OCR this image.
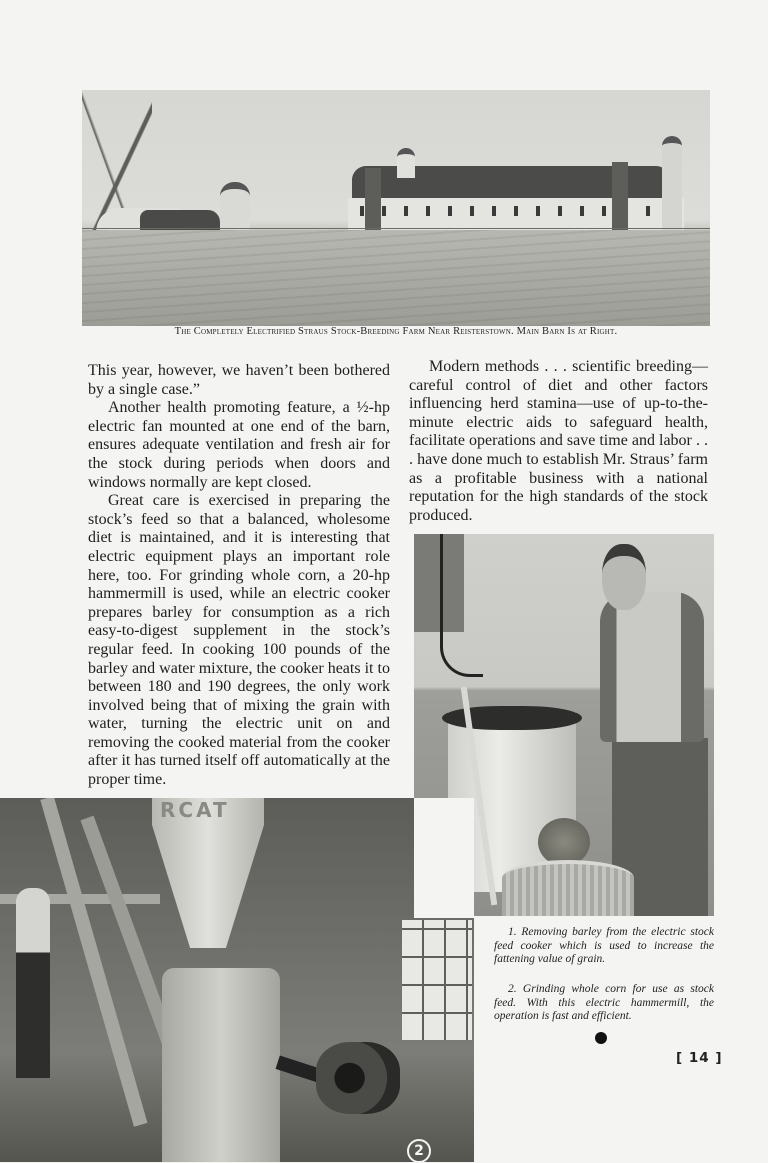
The Completely Electrified Straus Stock-Breeding Farm Near Reisterstown. Main Barn Is at Right.

This year, however, we haven’t been bothered by a single case.”

Another health promoting feature, a ½-hp electric fan mounted at one end of the barn, ensures adequate ventilation and fresh air for the stock during periods when doors and windows normally are kept closed.

Great care is exercised in preparing the stock’s feed so that a balanced, wholesome diet is maintained, and it is interesting that electric equipment plays an important role here, too. For grinding whole corn, a 20-hp hammermill is used, while an electric cooker prepares barley for consumption as a rich easy-to-digest supplement in the stock’s regular feed. In cooking 100 pounds of the barley and water mixture, the cooker heats it to between 180 and 190 degrees, the only work involved being that of mixing the grain with water, turning the electric unit on and removing the cooked material from the cooker after it has turned itself off automatically at the proper time.

Modern methods . . . scientific breeding—careful control of diet and other factors influencing herd stamina—use of up-to-the-minute electric aids to safeguard health, facilitate operations and save time and labor . . . have done much to establish Mr. Straus’ farm as a profitable business with a national reputation for the high standards of the stock produced.

RCAT
1
2
1. Removing barley from the electric stock feed cooker which is used to increase the fattening value of grain.
2. Grinding whole corn for use as stock feed. With this electric hammermill, the operation is fast and efficient.
[ 14 ]
